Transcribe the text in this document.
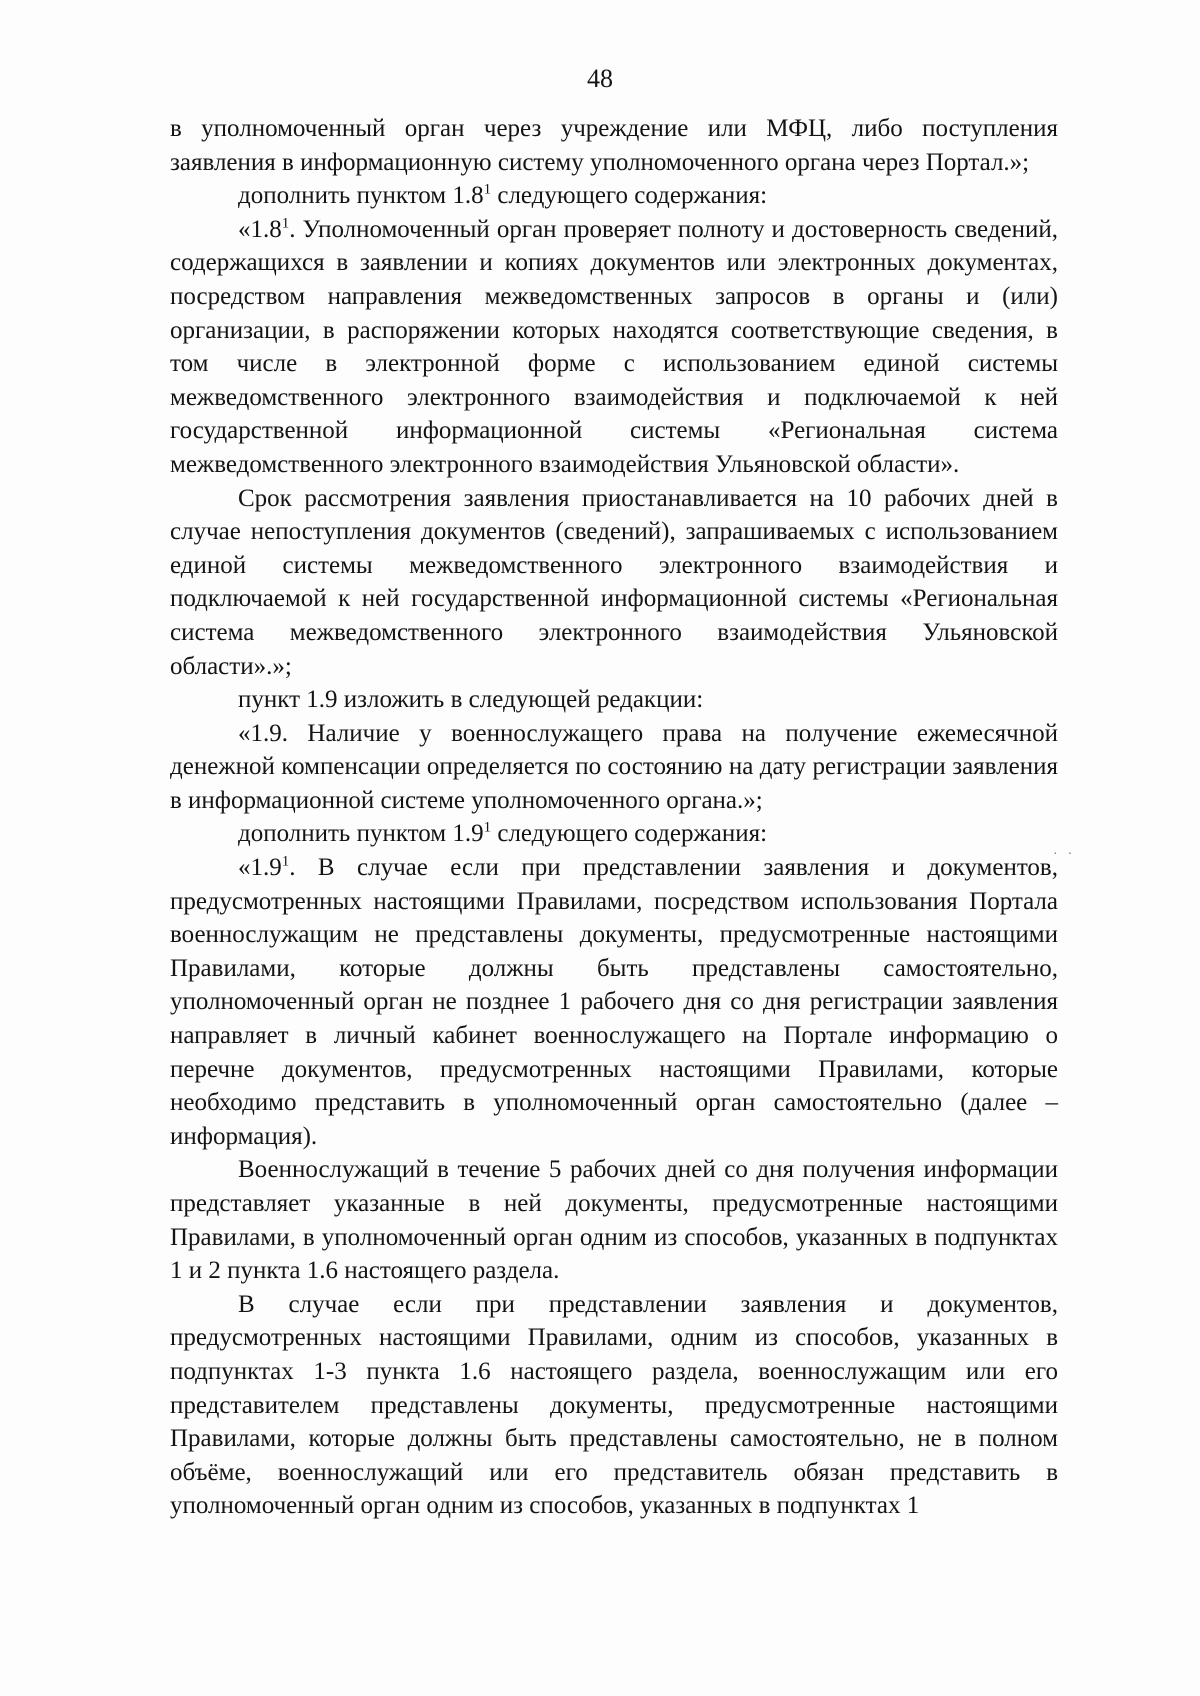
48

в уполномоченный орган через учреждение или МФЦ, либо поступления заявления в информационную систему уполномоченного органа через Портал.»;

дополнить пунктом $1.8^1$ следующего содержания:

«$1.8^1$. Уполномоченный орган проверяет полноту и достоверность сведений, содержащихся в заявлении и копиях документов или электронных документах, посредством направления межведомственных запросов в органы и (или) организации, в распоряжении которых находятся соответствующие сведения, в том числе в электронной форме с использованием единой системы межведомственного электронного взаимодействия и подключаемой к ней государственной информационной системы «Региональная система межведомственного электронного взаимодействия Ульяновской области».

Срок рассмотрения заявления приостанавливается на 10 рабочих дней в случае непоступления документов (сведений), запрашиваемых с использованием единой системы межведомственного электронного взаимодействия и подключаемой к ней государственной информационной системы «Региональная система межведомственного электронного взаимодействия Ульяновской области».»;

пункт 1.9 изложить в следующей редакции:

«1.9. Наличие у военнослужащего права на получение ежемесячной денежной компенсации определяется по состоянию на дату регистрации заявления в информационной системе уполномоченного органа.»;

дополнить пунктом $1.9^1$ следующего содержания:

«$1.9^1$. В случае если при представлении заявления и документов, предусмотренных настоящими Правилами, посредством использования Портала военнослужащим не представлены документы, предусмотренные настоящими Правилами, которые должны быть представлены самостоятельно, уполномоченный орган не позднее 1 рабочего дня со дня регистрации заявления направляет в личный кабинет военнослужащего на Портале информацию о перечне документов, предусмотренных настоящими Правилами, которые необходимо представить в уполномоченный орган самостоятельно (далее – информация).

Военнослужащий в течение 5 рабочих дней со дня получения информации представляет указанные в ней документы, предусмотренные настоящими Правилами, в уполномоченный орган одним из способов, указанных в подпунктах 1 и 2 пункта 1.6 настоящего раздела.

В случае если при представлении заявления и документов, предусмотренных настоящими Правилами, одним из способов, указанных в подпунктах 1-3 пункта 1.6 настоящего раздела, военнослужащим или его представителем представлены документы, предусмотренные настоящими Правилами, которые должны быть представлены самостоятельно, не в полном объёме, военнослужащий или его представитель обязан представить в уполномоченный орган одним из способов, указанных в подпунктах 1

··
